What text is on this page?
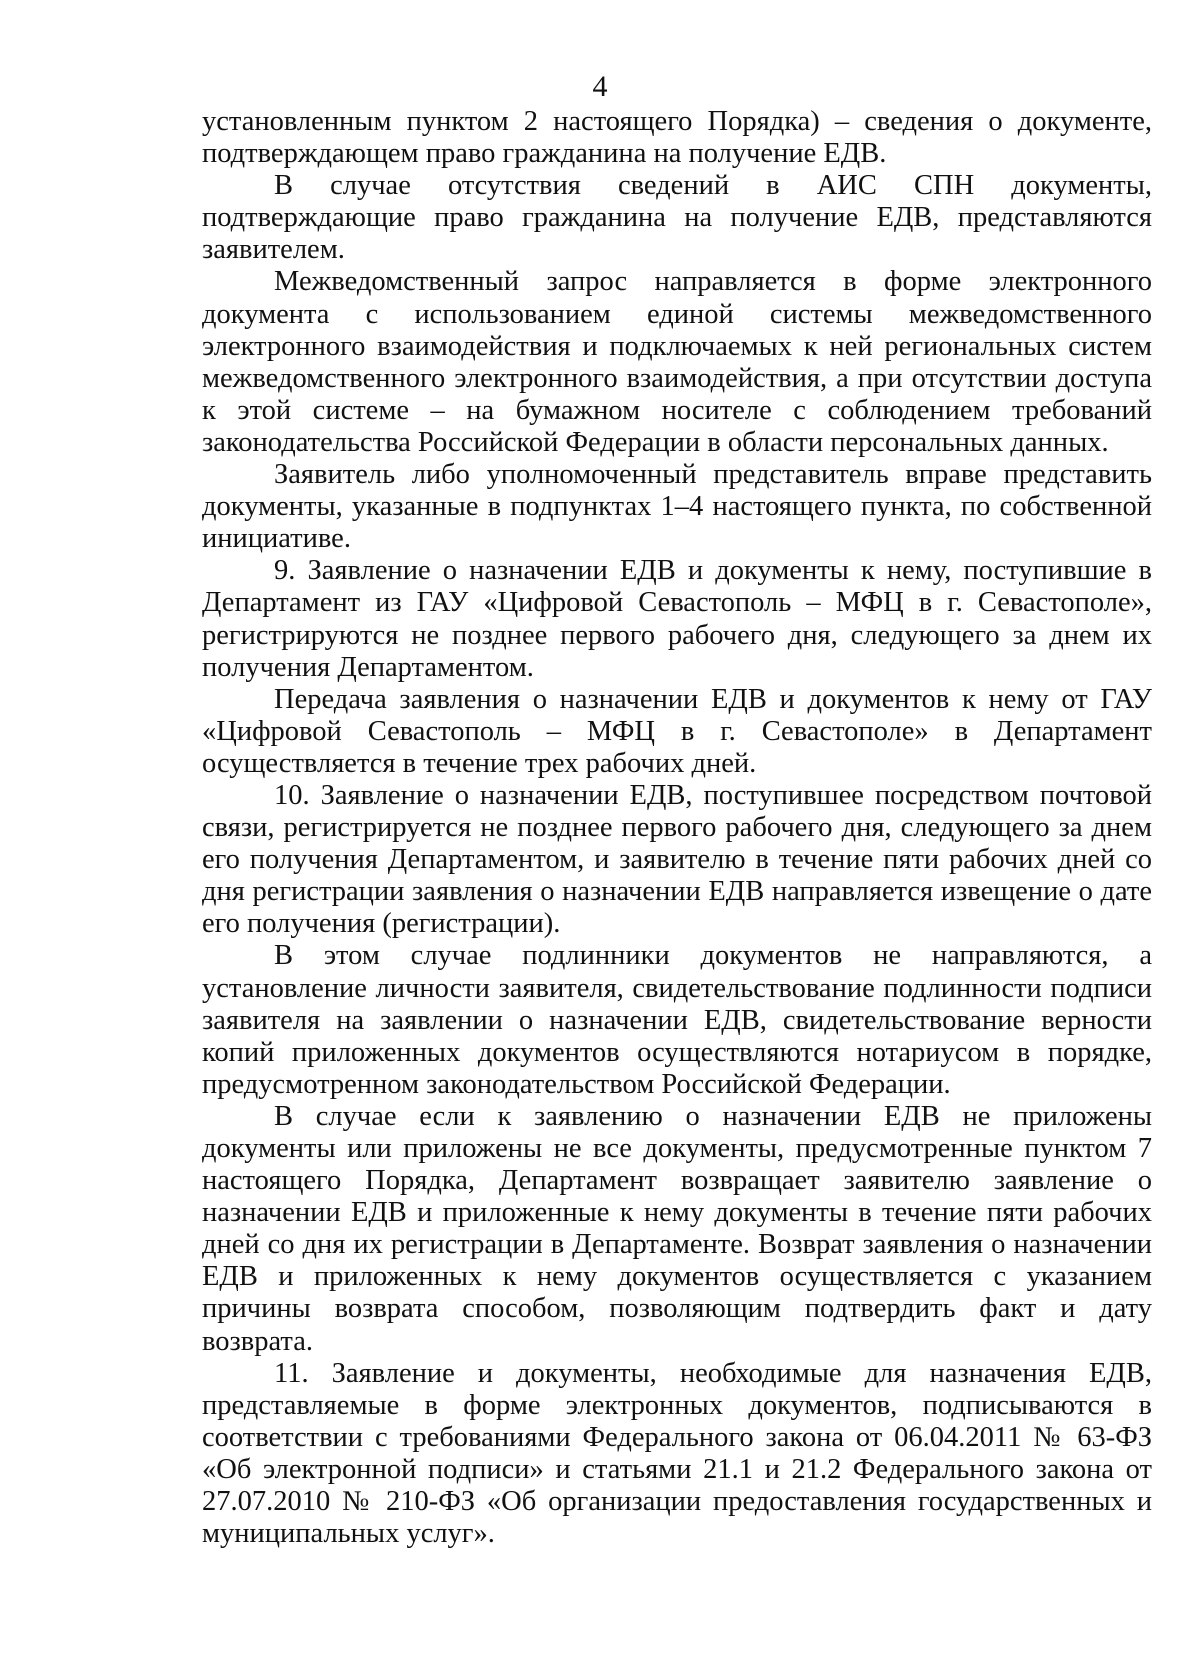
4

установленным пунктом 2 настоящего Порядка) – сведения о документе, подтверждающем право гражданина на получение ЕДВ.

В случае отсутствия сведений в АИС СПН документы, подтверждающие право гражданина на получение ЕДВ, представляются заявителем.

Межведомственный запрос направляется в форме электронного документа с использованием единой системы межведомственного электронного взаимодействия и подключаемых к ней региональных систем межведомственного электронного взаимодействия, а при отсутствии доступа к этой системе – на бумажном носителе с соблюдением требований законодательства Российской Федерации в области персональных данных.

Заявитель либо уполномоченный представитель вправе представить документы, указанные в подпунктах 1–4 настоящего пункта, по собственной инициативе.

9. Заявление о назначении ЕДВ и документы к нему, поступившие в Департамент из ГАУ «Цифровой Севастополь – МФЦ в г. Севастополе», регистрируются не позднее первого рабочего дня, следующего за днем их получения Департаментом.

Передача заявления о назначении ЕДВ и документов к нему от ГАУ «Цифровой Севастополь – МФЦ в г. Севастополе» в Департамент осуществляется в течение трех рабочих дней.

10. Заявление о назначении ЕДВ, поступившее посредством почтовой связи, регистрируется не позднее первого рабочего дня, следующего за днем его получения Департаментом, и заявителю в течение пяти рабочих дней со дня регистрации заявления о назначении ЕДВ направляется извещение о дате его получения (регистрации).

В этом случае подлинники документов не направляются, а установление личности заявителя, свидетельствование подлинности подписи заявителя на заявлении о назначении ЕДВ, свидетельствование верности копий приложенных документов осуществляются нотариусом в порядке, предусмотренном законодательством Российской Федерации.

В случае если к заявлению о назначении ЕДВ не приложены документы или приложены не все документы, предусмотренные пунктом 7 настоящего Порядка, Департамент возвращает заявителю заявление о назначении ЕДВ и приложенные к нему документы в течение пяти рабочих дней со дня их регистрации в Департаменте. Возврат заявления о назначении ЕДВ и приложенных к нему документов осуществляется с указанием причины возврата способом, позволяющим подтвердить факт и дату возврата.

11. Заявление и документы, необходимые для назначения ЕДВ, представляемые в форме электронных документов, подписываются в соответствии с требованиями Федерального закона от 06.04.2011 № 63-ФЗ «Об электронной подписи» и статьями 21.1 и 21.2 Федерального закона от 27.07.2010 № 210-ФЗ «Об организации предоставления государственных и муниципальных услуг».
